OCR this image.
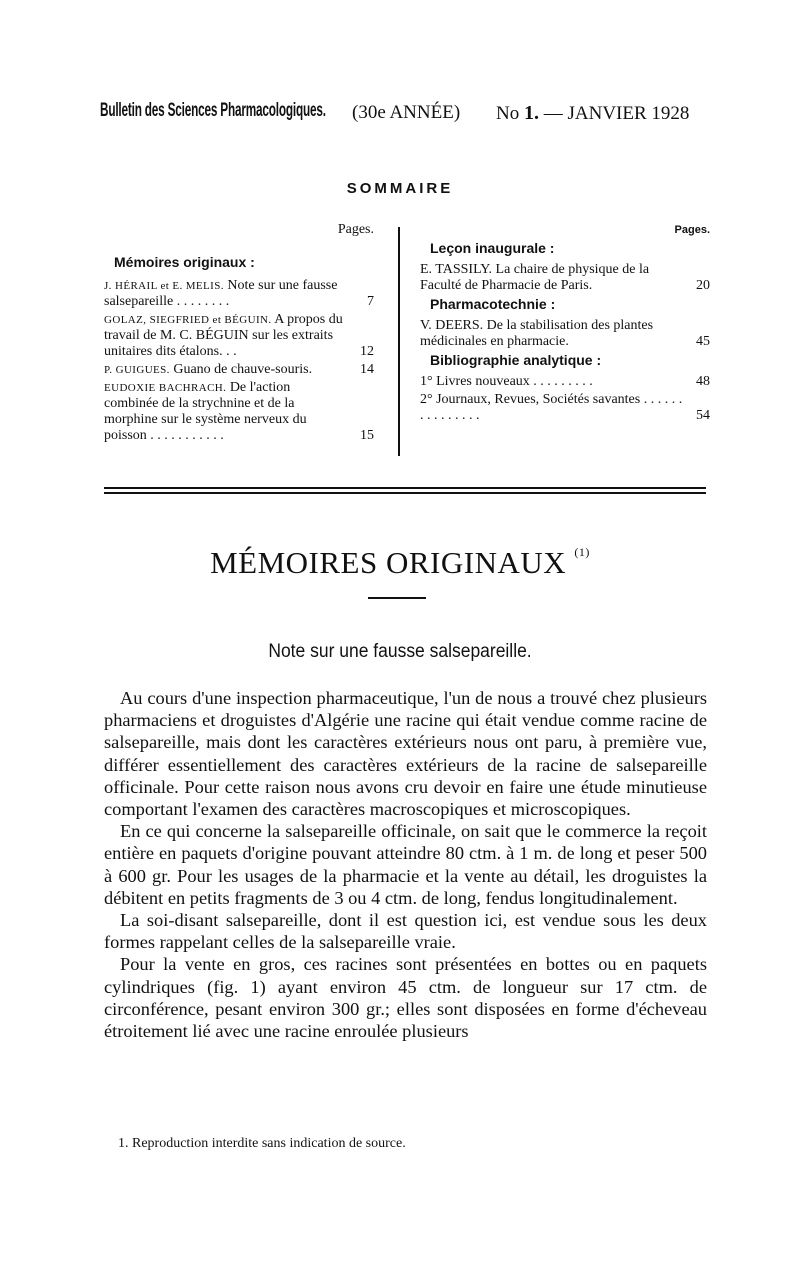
Bulletin des Sciences Pharmacologiques. (30e ANNÉE) No 1. — JANVIER 1928
SOMMAIRE
Pages.
Mémoires originaux :
J. HÉRAIL et E. MELIS. Note sur une fausse salsepareille . . . . . . . .	7
GOLAZ, SIEGFRIED et BÉGUIN. A propos du travail de M. C. BÉGUIN sur les extraits unitaires dits étalons. . .	12
P. GUIGUES. Guano de chauve-souris.	14
EUDOXIE BACHRACH. De l'action combinée de la strychnine et de la morphine sur le système nerveux du poisson . . . . . . . . . . .	15
Pages.
Leçon inaugurale :
E. TASSILY. La chaire de physique de la Faculté de Pharmacie de Paris.	20
Pharmacotechnie :
V. DEERS. De la stabilisation des plantes médicinales en pharmacie.	45
Bibliographie analytique :
1° Livres nouveaux . . . . . . . . .	48
2° Journaux, Revues, Sociétés savantes . . . . . . . . . . . . . . .	54
MÉMOIRES ORIGINAUX $^{(1)}$
Note sur une fausse salsepareille.

Au cours d'une inspection pharmaceutique, l'un de nous a trouvé chez plusieurs pharmaciens et droguistes d'Algérie une racine qui était vendue comme racine de salsepareille, mais dont les caractères extérieurs nous ont paru, à première vue, différer essentiellement des caractères extérieurs de la racine de salsepareille officinale. Pour cette raison nous avons cru devoir en faire une étude minutieuse comportant l'examen des caractères macroscopiques et microscopiques.

En ce qui concerne la salsepareille officinale, on sait que le commerce la reçoit entière en paquets d'origine pouvant atteindre 80 ctm. à 1 m. de long et peser 500 à 600 gr. Pour les usages de la pharmacie et la vente au détail, les droguistes la débitent en petits fragments de 3 ou 4 ctm. de long, fendus longitudinalement.

La soi-disant salsepareille, dont il est question ici, est vendue sous les deux formes rappelant celles de la salsepareille vraie.

Pour la vente en gros, ces racines sont présentées en bottes ou en paquets cylindriques (fig. 1) ayant environ 45 ctm. de longueur sur 17 ctm. de circonférence, pesant environ 300 gr.; elles sont disposées en forme d'écheveau étroitement lié avec une racine enroulée plusieurs

1. Reproduction interdite sans indication de source.
